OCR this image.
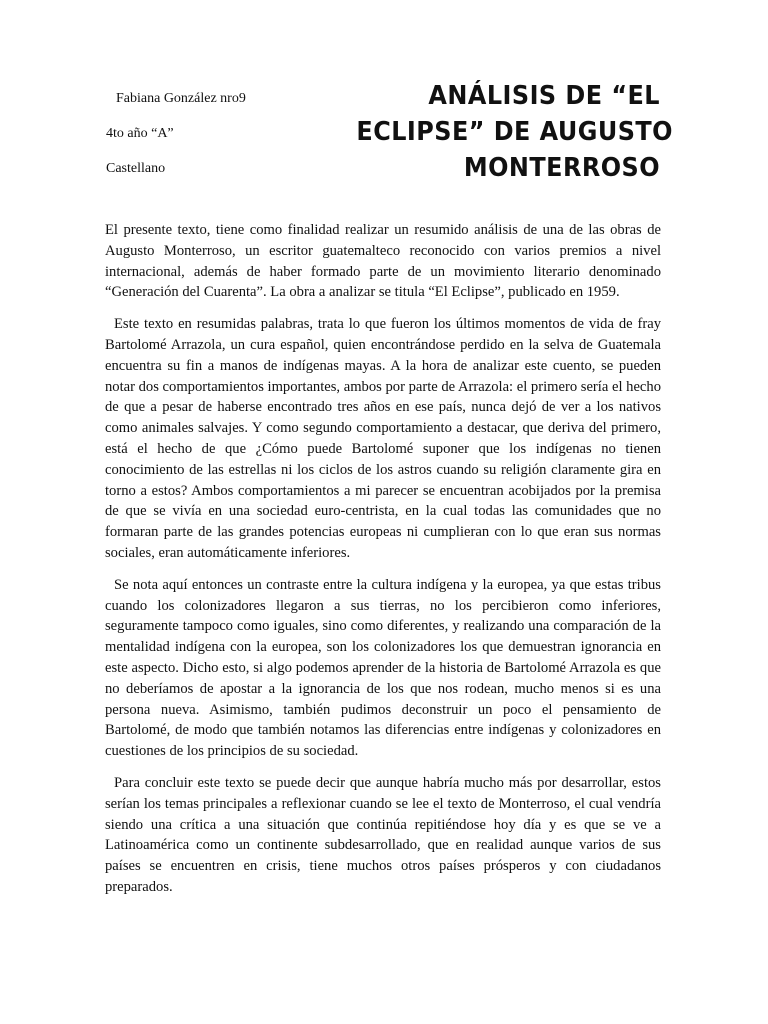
Fabiana González nro9
4to año “A”
Castellano
ANÁLISIS DE “EL
ECLIPSE” DE AUGUSTO
MONTERROSO

El presente texto, tiene como finalidad realizar un resumido análisis de una de las obras de Augusto Monterroso, un escritor guatemalteco reconocido con varios premios a nivel internacional, además de haber formado parte de un movimiento literario denominado “Generación del Cuarenta”. La obra a analizar se titula “El Eclipse”, publicado en 1959.

Este texto en resumidas palabras, trata lo que fueron los últimos momentos de vida de fray Bartolomé Arrazola, un cura español, quien encontrándose perdido en la selva de Guatemala encuentra su fin a manos de indígenas mayas. A la hora de analizar este cuento, se pueden notar dos comportamientos importantes, ambos por parte de Arrazola: el primero sería el hecho de que a pesar de haberse encontrado tres años en ese país, nunca dejó de ver a los nativos como animales salvajes. Y como segundo comportamiento a destacar, que deriva del primero, está el hecho de que ¿Cómo puede Bartolomé suponer que los indígenas no tienen conocimiento de las estrellas ni los ciclos de los astros cuando su religión claramente gira en torno a estos? Ambos comportamientos a mi parecer se encuentran acobijados por la premisa de que se vivía en una sociedad euro-centrista, en la cual todas las comunidades que no formaran parte de las grandes potencias europeas ni cumplieran con lo que eran sus normas sociales, eran automáticamente inferiores.

Se nota aquí entonces un contraste entre la cultura indígena y la europea, ya que estas tribus cuando los colonizadores llegaron a sus tierras, no los percibieron como inferiores, seguramente tampoco como iguales, sino como diferentes, y realizando una comparación de la mentalidad indígena con la europea, son los colonizadores los que demuestran ignorancia en este aspecto. Dicho esto, si algo podemos aprender de la historia de Bartolomé Arrazola es que no deberíamos de apostar a la ignorancia de los que nos rodean, mucho menos si es una persona nueva. Asimismo, también pudimos deconstruir un poco el pensamiento de Bartolomé, de modo que también notamos las diferencias entre indígenas y colonizadores en cuestiones de los principios de su sociedad.

Para concluir este texto se puede decir que aunque habría mucho más por desarrollar, estos serían los temas principales a reflexionar cuando se lee el texto de Monterroso, el cual vendría siendo una crítica a una situación que continúa repitiéndose hoy día y es que se ve a Latinoamérica como un continente subdesarrollado, que en realidad aunque varios de sus países se encuentren en crisis, tiene muchos otros países prósperos y con ciudadanos preparados.
